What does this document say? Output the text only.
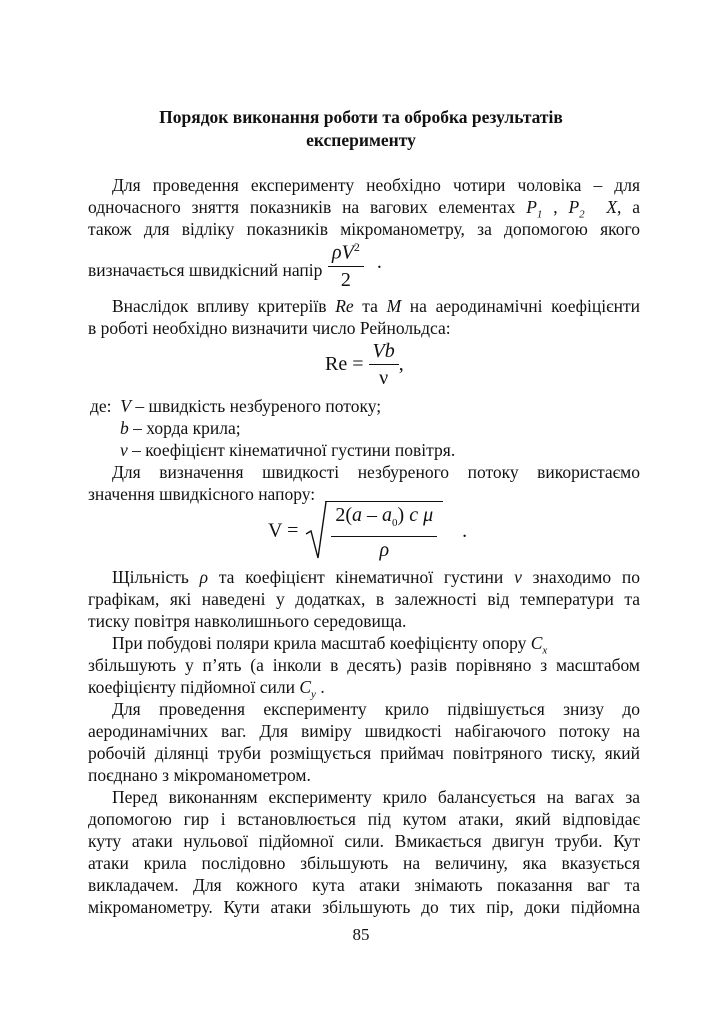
Порядок виконання роботи та обробка результатів
експерименту
Для проведення експерименту необхідно чотири чоловіка – для
одночасного зняття показників на вагових елементах $P_1$ , $P_2$ X, а
також для відліку показників мікроманометру, за допомогою якого
визначається швидкісний напір $\frac{\rho V^2}{2}$ .
Внаслідок впливу критеріїв Re та M на аеродинамічні коефіцієнти
в роботі необхідно визначити число Рейнольдса:
$Re = \frac{Vb}{\nu}$ ,
де: V – швидкість незбуреного потоку;
b – хорда крила;
ν – коефіцієнт кінематичної густини повітря.
Для визначення швидкості незбуреного потоку використаємо
значення швидкісного напору:
$V = \frac{2(a - a_0) c \mu}{\rho}$ .
Щільність ρ та коефіцієнт кінематичної густини ν знаходимо по
графікам, які наведені у додатках, в залежності від температури та
тиску повітря навколишнього середовища.
При побудові поляри крила масштаб коефіцієнту опору $C_x$
збільшують у п’ять (а інколи в десять) разів порівняно з масштабом
коефіцієнту підйомної сили $C_y$ .
Для проведення експерименту крило підвішується знизу до
аеродинамічних ваг. Для виміру швидкості набігаючого потоку на
робочій ділянці труби розміщується приймач повітряного тиску, який
поєднано з мікроманометром.
Перед виконанням експерименту крило балансується на вагах за
допомогою гир і встановлюється під кутом атаки, який відповідає
куту атаки нульової підйомної сили. Вмикається двигун труби. Кут
атаки крила послідовно збільшують на величину, яка вказується
викладачем. Для кожного кута атаки знімають показання ваг та
мікроманометру. Кути атаки збільшують до тих пір, доки підйомна
85
